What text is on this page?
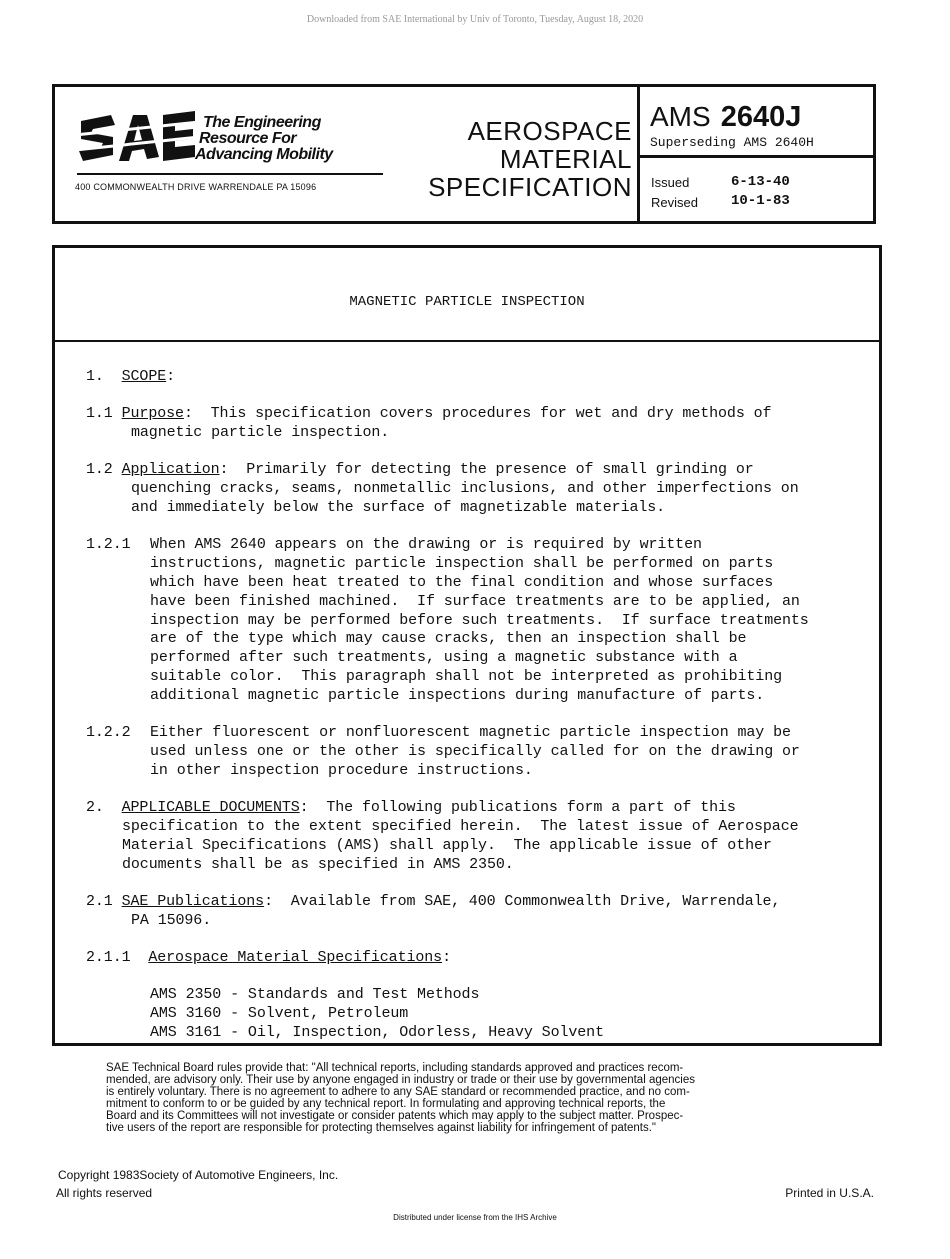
Downloaded from SAE International by Univ of Toronto, Tuesday, August 18, 2020
The Engineering
Resource For
Advancing Mobility
400 COMMONWEALTH DRIVE WARRENDALE PA 15096
AEROSPACE
MATERIAL
SPECIFICATION
AMS 2640J
Superseding AMS 2640H
Issued	6-13-40
Revised 10-1-83
MAGNETIC PARTICLE INSPECTION
1. SCOPE:
1.1 Purpose:  This specification covers procedures for wet and dry methods of
magnetic particle inspection.
1.2 Application:  Primarily for detecting the presence of small grinding or
quenching cracks, seams, nonmetallic inclusions, and other imperfections on
and immediately below the surface of magnetizable materials.
1.2.1 When AMS 2640 appears on the drawing or is required by written
instructions, magnetic particle inspection shall be performed on parts
which have been heat treated to the final condition and whose surfaces
have been finished machined.  If surface treatments are to be applied, an
inspection may be performed before such treatments.  If surface treatments
are of the type which may cause cracks, then an inspection shall be
performed after such treatments, using a magnetic substance with a
suitable color.  This paragraph shall not be interpreted as prohibiting
additional magnetic particle inspections during manufacture of parts.
1.2.2 Either fluorescent or nonfluorescent magnetic particle inspection may be
used unless one or the other is specifically called for on the drawing or
in other inspection procedure instructions.
2. APPLICABLE DOCUMENTS:  The following publications form a part of this
specification to the extent specified herein.  The latest issue of Aerospace
Material Specifications (AMS) shall apply.  The applicable issue of other
documents shall be as specified in AMS 2350.
2.1 SAE Publications:  Available from SAE, 400 Commonwealth Drive, Warrendale,
PA 15096.
2.1.1 Aerospace Material Specifications:
AMS 2350 - Standards and Test Methods
AMS 3160 - Solvent, Petroleum
AMS 3161 - Oil, Inspection, Odorless, Heavy Solvent
SAE Technical Board rules provide that: "All technical reports, including standards approved and practices recom-
mended, are advisory only. Their use by anyone engaged in industry or trade or their use by governmental agencies
is entirely voluntary. There is no agreement to adhere to any SAE standard or recommended practice, and no com-
mitment to conform to or be guided by any technical report. In formulating and approving technical reports, the
Board and its Committees will not investigate or consider patents which may apply to the subject matter. Prospec-
tive users of the report are responsible for protecting themselves against liability for infringement of patents."
Copyright 1983Society of Automotive Engineers, Inc.
All rights reserved	Printed in U.S.A.
Distributed under license from the IHS Archive
